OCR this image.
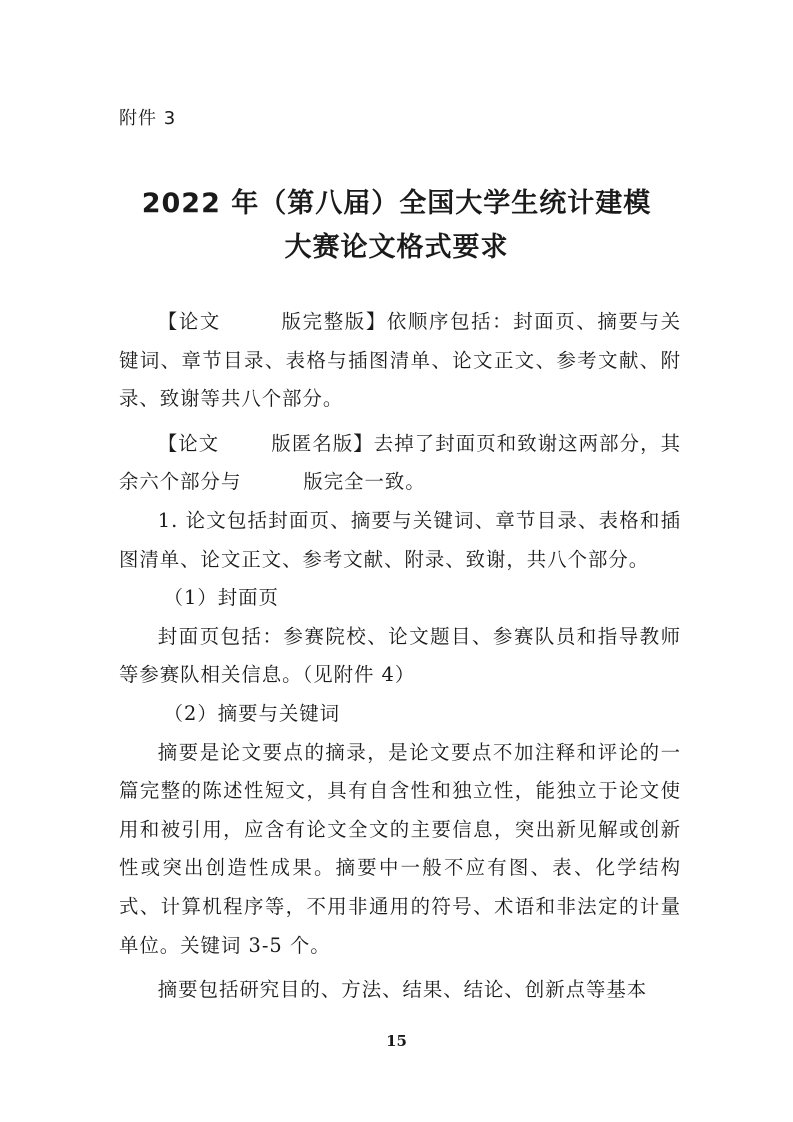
附件 3
2022 年（第八届）全国大学生统计建模
大赛论文格式要求

【论文	版完整版】依顺序包括：封面页、摘要与关键词、章节目录、表格与插图清单、论文正文、参考文献、附录、致谢等共八个部分。

【论文	版匿名版】去掉了封面页和致谢这两部分，其余六个部分与	版完全一致。

1. 论文包括封面页、摘要与关键词、章节目录、表格和插图清单、论文正文、参考文献、附录、致谢，共八个部分。

（1）封面页

封面页包括：参赛院校、论文题目、参赛队员和指导教师等参赛队相关信息。（见附件 4）

（2）摘要与关键词

摘要是论文要点的摘录，是论文要点不加注释和评论的一篇完整的陈述性短文，具有自含性和独立性，能独立于论文使用和被引用，应含有论文全文的主要信息，突出新见解或创新性或突出创造性成果。摘要中一般不应有图、表、化学结构式、计算机程序等，不用非通用的符号、术语和非法定的计量单位。关键词 3-5 个。

摘要包括研究目的、方法、结果、结论、创新点等基本

15
